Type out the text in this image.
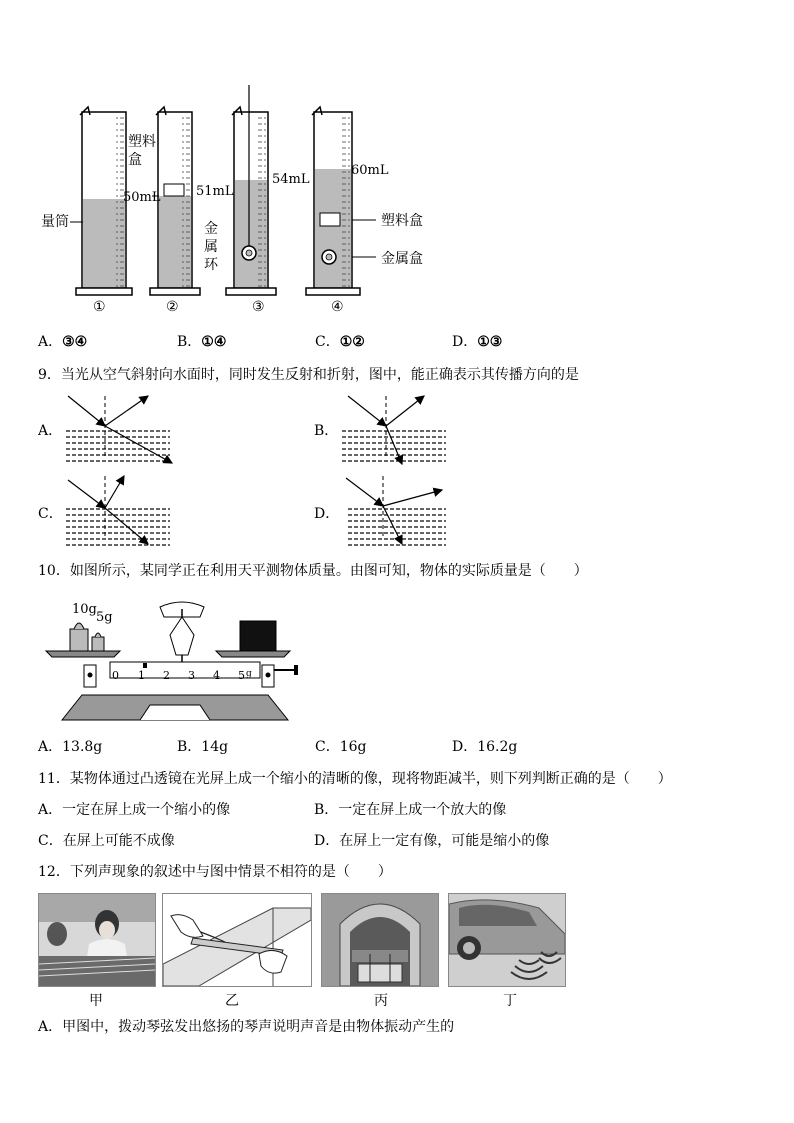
量筒
①
塑料盒
50mL	51mL
②
54mL
金属环
③
60mL
塑料盒
金属盒
④
A．③④	B．①④	C．①②	D．①③
9．当光从空气斜射向水面时，同时发生反射和折射，图中，能正确表示其传播方向的是
A．	B．
C．	D．
10．如图所示，某同学正在利用天平测物体质量。由图可知，物体的实际质量是（　　）
10g
5g
0 1 2 3 4 5 g
A．13.8g	B．14g	C．16g	D．16.2g
11．某物体通过凸透镜在光屏上成一个缩小的清晰的像，现将物距减半，则下列判断正确的是（　　）
A．一定在屏上成一个缩小的像	B．一定在屏上成一个放大的像
C．在屏上可能不成像	D．在屏上一定有像，可能是缩小的像
12．下列声现象的叙述中与图中情景不相符的是（　　）
甲	乙	丙	丁
A．甲图中，拨动琴弦发出悠扬的琴声说明声音是由物体振动产生的
